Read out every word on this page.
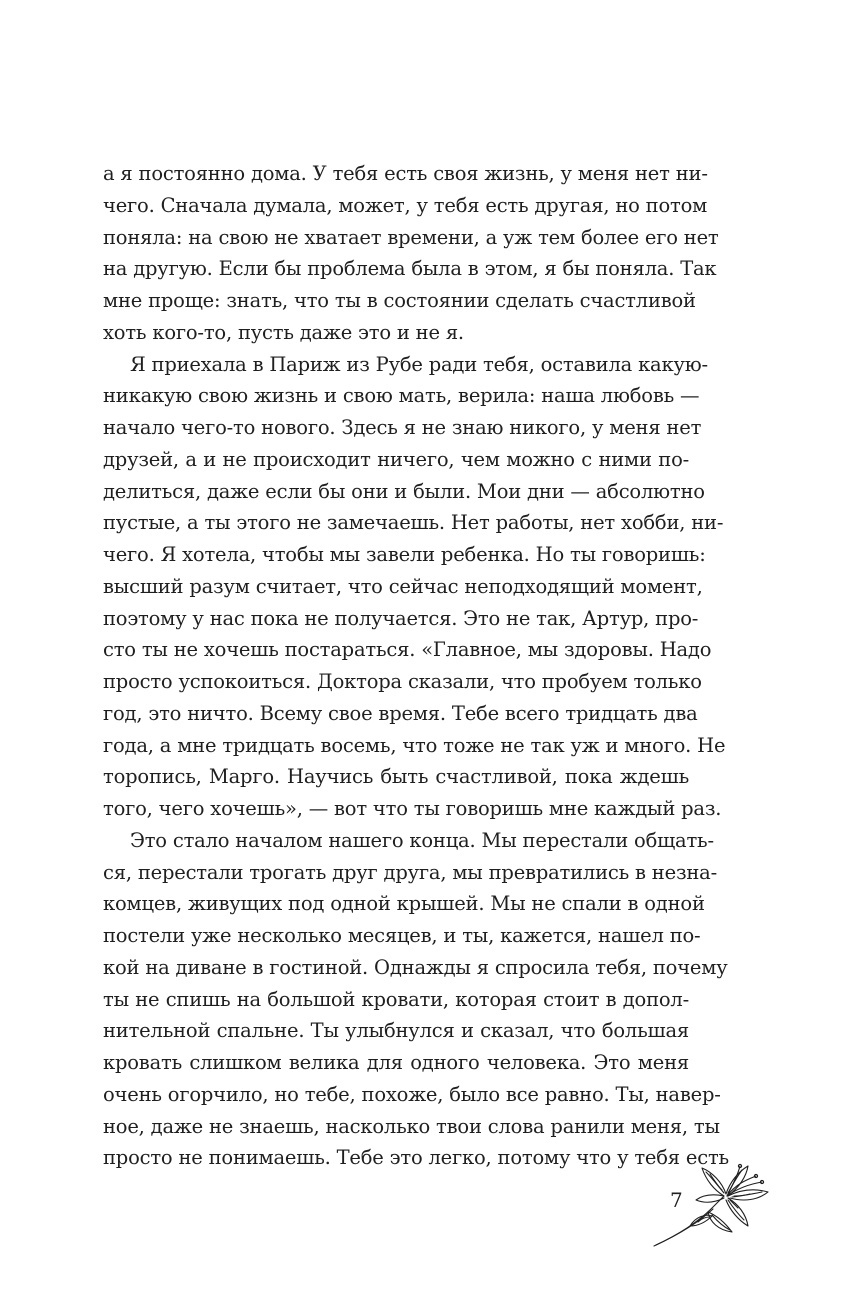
а я постоянно дома. У тебя есть своя жизнь, у меня нет ни-
чего. Сначала думала, может, у тебя есть другая, но потом
поняла: на свою не хватает времени, а уж тем более его нет
на другую. Если бы проблема была в этом, я бы поняла. Так
мне проще: знать, что ты в состоянии сделать счастливой
хоть кого-то, пусть даже это и не я.
Я приехала в Париж из Рубе ради тебя, оставила какую-
никакую свою жизнь и свою мать, верила: наша любовь —
начало чего-то нового. Здесь я не знаю никого, у меня нет
друзей, а и не происходит ничего, чем можно с ними по-
делиться, даже если бы они и были. Мои дни — абсолютно
пустые, а ты этого не замечаешь. Нет работы, нет хобби, ни-
чего. Я хотела, чтобы мы завели ребенка. Но ты говоришь:
высший разум считает, что сейчас неподходящий момент,
поэтому у нас пока не получается. Это не так, Артур, про-
сто ты не хочешь постараться. «Главное, мы здоровы. Надо
просто успокоиться. Доктора сказали, что пробуем только
год, это ничто. Всему свое время. Тебе всего тридцать два
года, а мне тридцать восемь, что тоже не так уж и много. Не
торопись, Марго. Научись быть счастливой, пока ждешь
того, чего хочешь», — вот что ты говоришь мне каждый раз.
Это стало началом нашего конца. Мы перестали общать-
ся, перестали трогать друг друга, мы превратились в незна-
комцев, живущих под одной крышей. Мы не спали в одной
постели уже несколько месяцев, и ты, кажется, нашел по-
кой на диване в гостиной. Однажды я спросила тебя, почему
ты не спишь на большой кровати, которая стоит в допол-
нительной спальне. Ты улыбнулся и сказал, что большая
кровать слишком велика для одного человека. Это меня
очень огорчило, но тебе, похоже, было все равно. Ты, навер-
ное, даже не знаешь, насколько твои слова ранили меня, ты
просто не понимаешь. Тебе это легко, потому что у тебя есть
7
